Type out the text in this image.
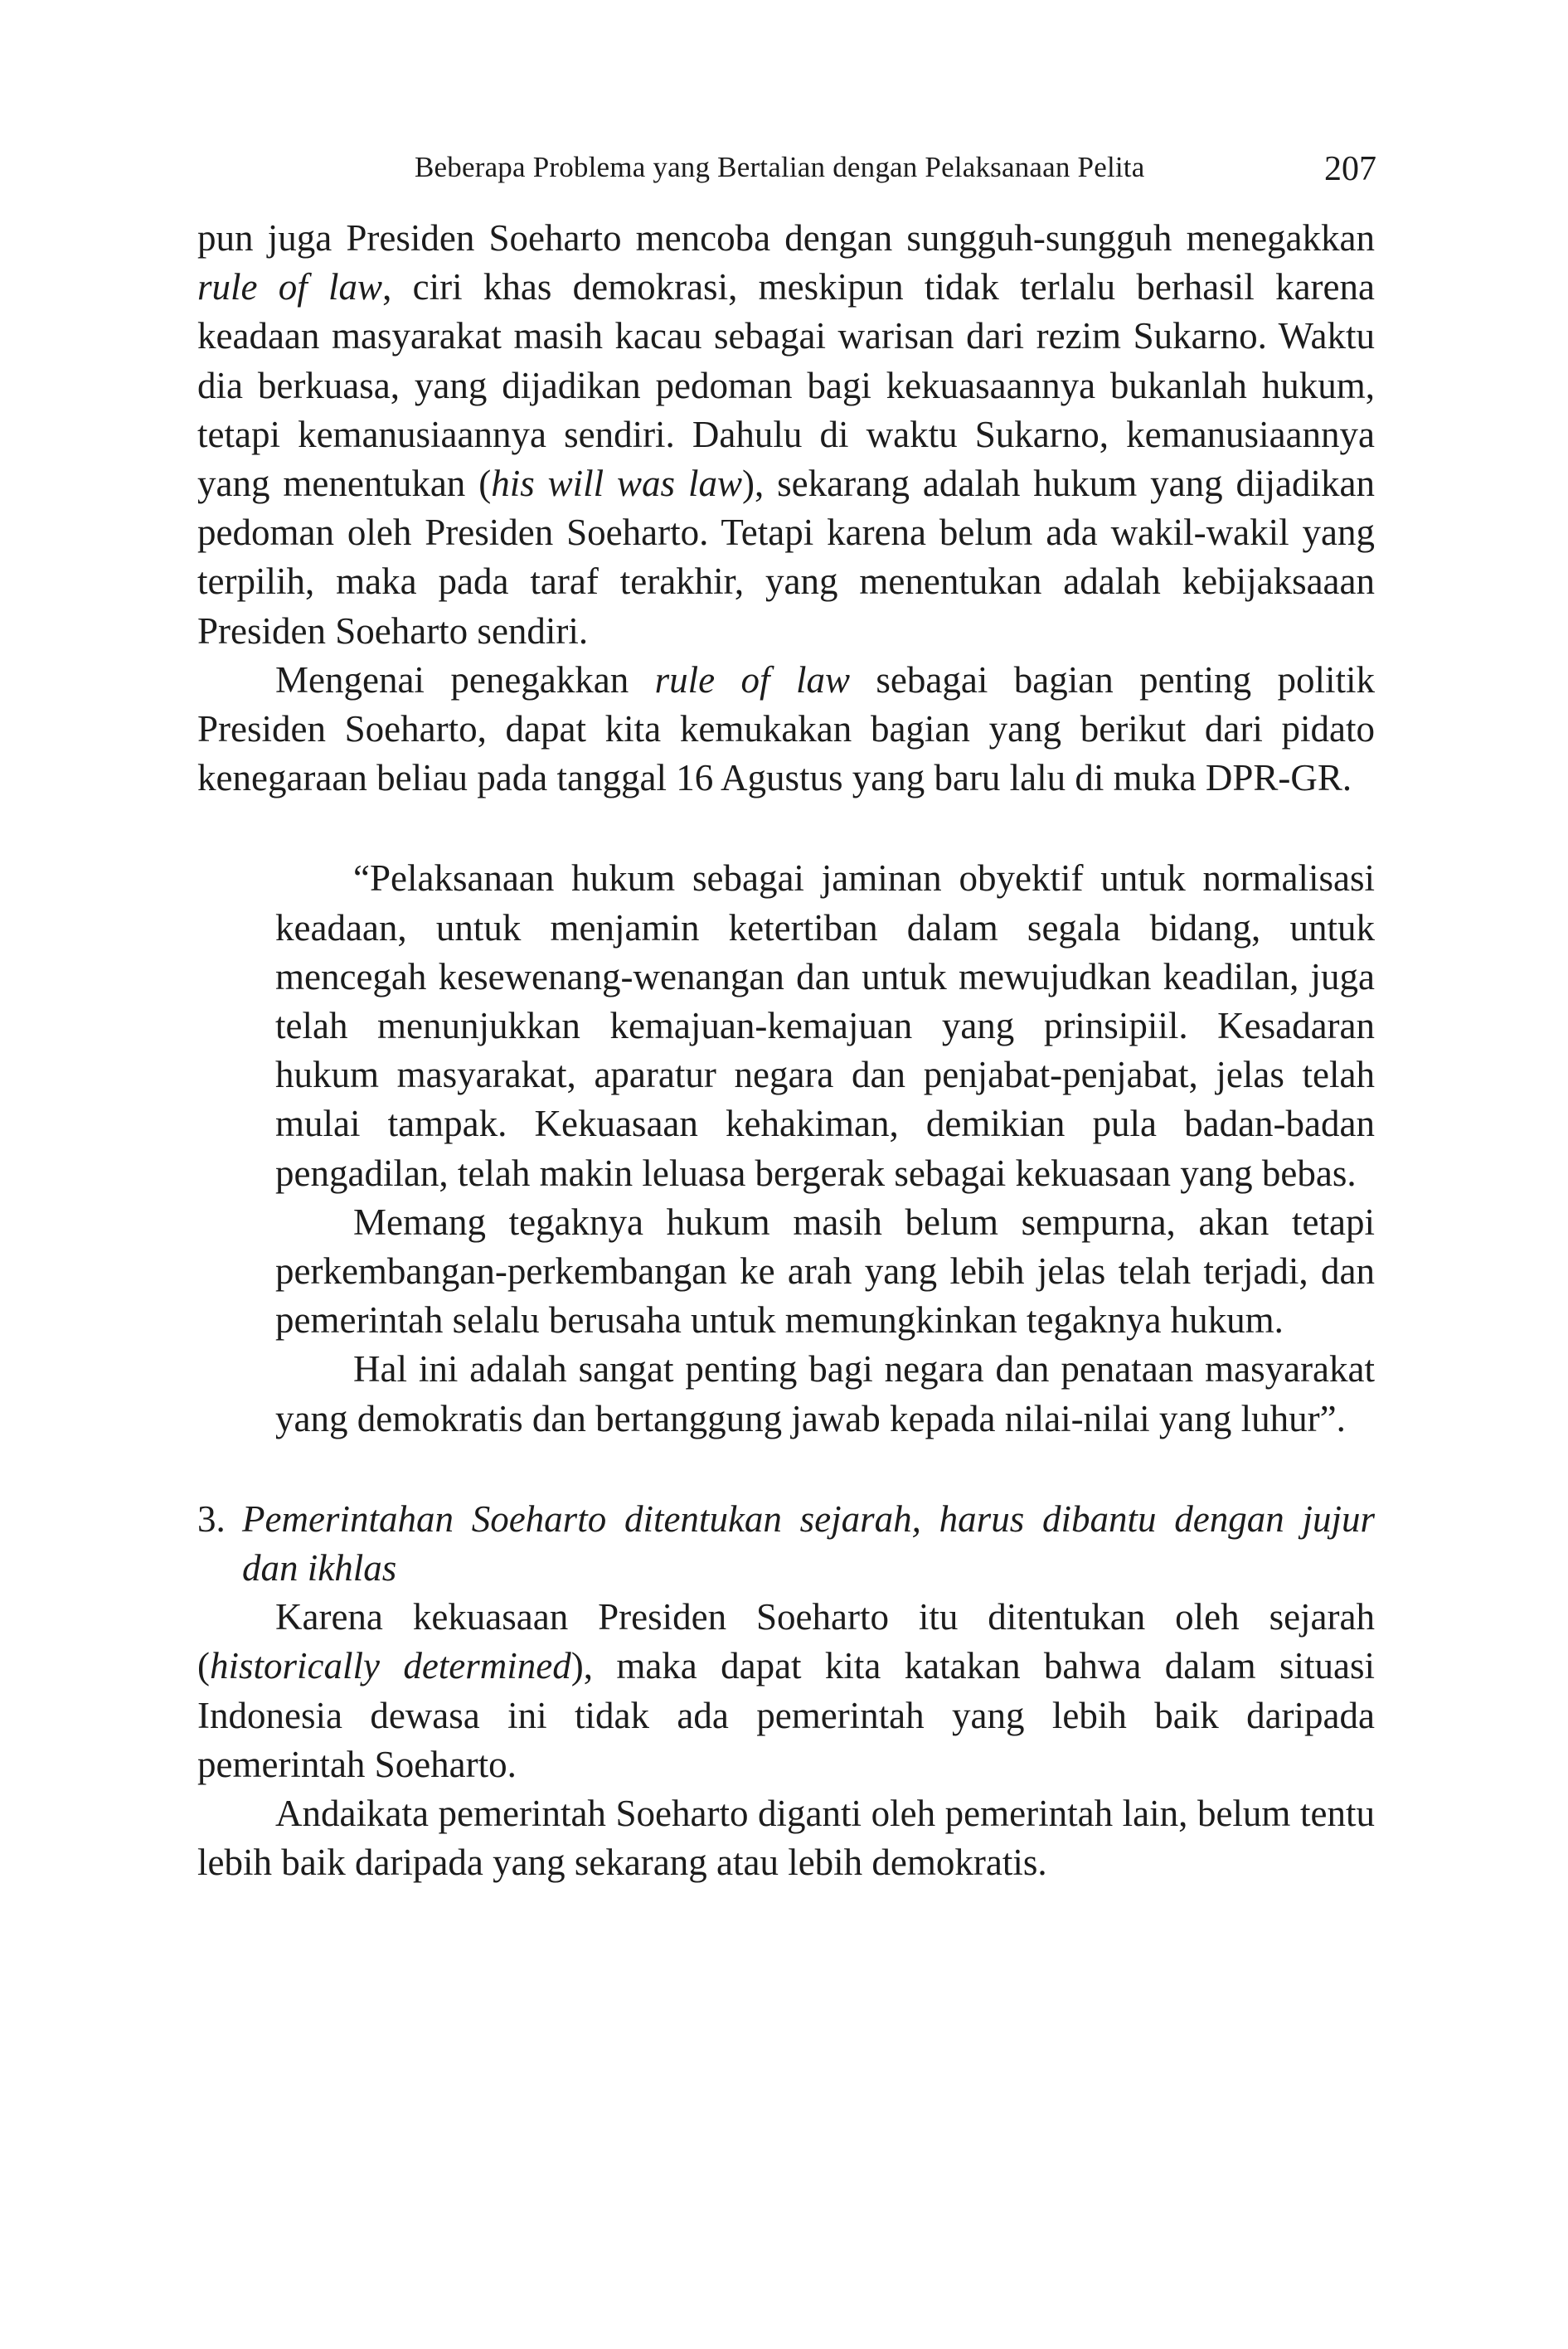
Beberapa Problema yang Bertalian dengan Pelaksanaan Pelita	207

pun juga Presiden Soeharto mencoba dengan sungguh-sungguh menegakkan rule of law, ciri khas demokrasi, meskipun tidak terlalu berhasil karena keadaan masyarakat masih kacau sebagai warisan dari rezim Sukarno. Waktu dia berkuasa, yang dijadikan pedoman bagi kekuasaannya bukanlah hukum, tetapi kemanusiaannya sendiri. Dahulu di waktu Sukarno, kemanusiaannya yang menentukan (his will was law), sekarang adalah hukum yang dijadikan pedoman oleh Presiden Soeharto. Tetapi karena belum ada wakil-wakil yang terpilih, maka pada taraf terakhir, yang menentukan adalah kebijaksaaan Presiden Soeharto sendiri.

Mengenai penegakkan rule of law sebagai bagian penting politik Presiden Soeharto, dapat kita kemukakan bagian yang berikut dari pidato kenegaraan beliau pada tanggal 16 Agustus yang baru lalu di muka DPR-GR.

“Pelaksanaan hukum sebagai jaminan obyektif untuk normalisasi keadaan, untuk menjamin ketertiban dalam segala bidang, untuk mencegah kesewenang-wenangan dan untuk mewujudkan keadilan, juga telah menunjukkan kemajuan-kemajuan yang prinsipiil. Kesadaran hukum masyarakat, aparatur negara dan penjabat-penjabat, jelas telah mulai tampak. Kekuasaan kehakiman, demikian pula badan-badan pengadilan, telah makin leluasa bergerak sebagai kekuasaan yang bebas.

Memang tegaknya hukum masih belum sempurna, akan tetapi perkembangan-perkembangan ke arah yang lebih jelas telah terjadi, dan pemerintah selalu berusaha untuk memungkinkan tegaknya hukum.

Hal ini adalah sangat penting bagi negara dan penataan masyarakat yang demokratis dan bertanggung jawab kepada nilai-nilai yang luhur”.

3. Pemerintahan Soeharto ditentukan sejarah, harus dibantu dengan jujur dan ikhlas

Karena kekuasaan Presiden Soeharto itu ditentukan oleh sejarah (historically determined), maka dapat kita katakan bahwa dalam situasi Indonesia dewasa ini tidak ada pemerintah yang lebih baik daripada pemerintah Soeharto.

Andaikata pemerintah Soeharto diganti oleh pemerintah lain, belum tentu lebih baik daripada yang sekarang atau lebih demokratis.
